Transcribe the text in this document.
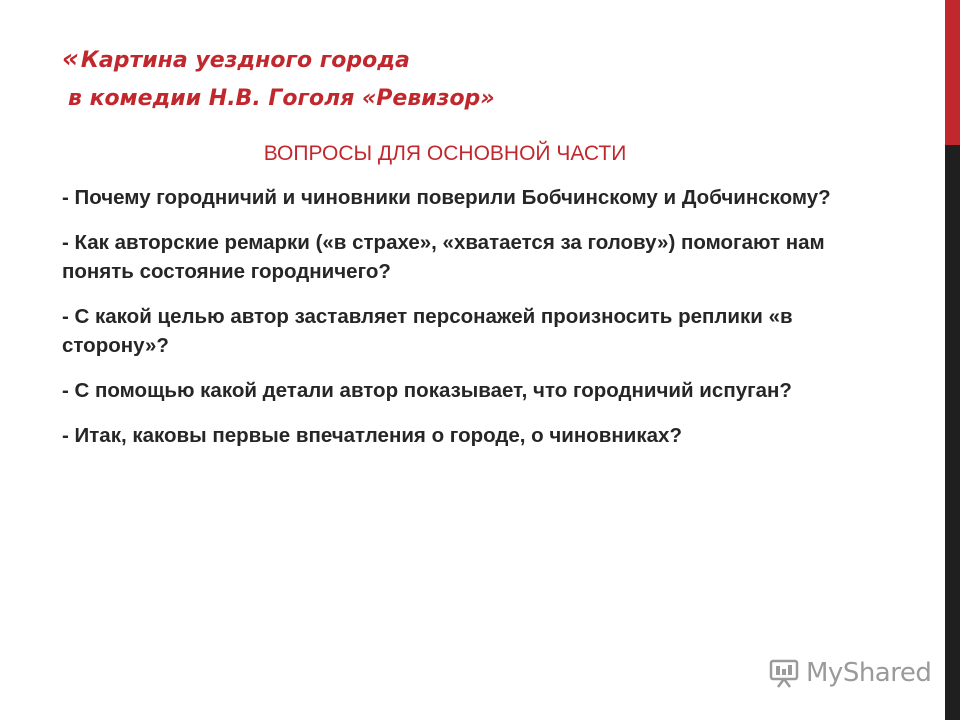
«Картина уездного города
в комедии Н.В. Гоголя «Ревизор»
ВОПРОСЫ ДЛЯ ОСНОВНОЙ ЧАСТИ
- Почему городничий и чиновники поверили Бобчинскому и Добчинскому?
- Как авторские ремарки («в страхе», «хватается за голову») помогают нам понять состояние городничего?
- С какой целью автор заставляет персонажей произносить реплики «в сторону»?
- С помощью какой детали автор показывает, что городничий испуган?
- Итак, каковы первые впечатления о городе, о чиновниках?
MyShared
